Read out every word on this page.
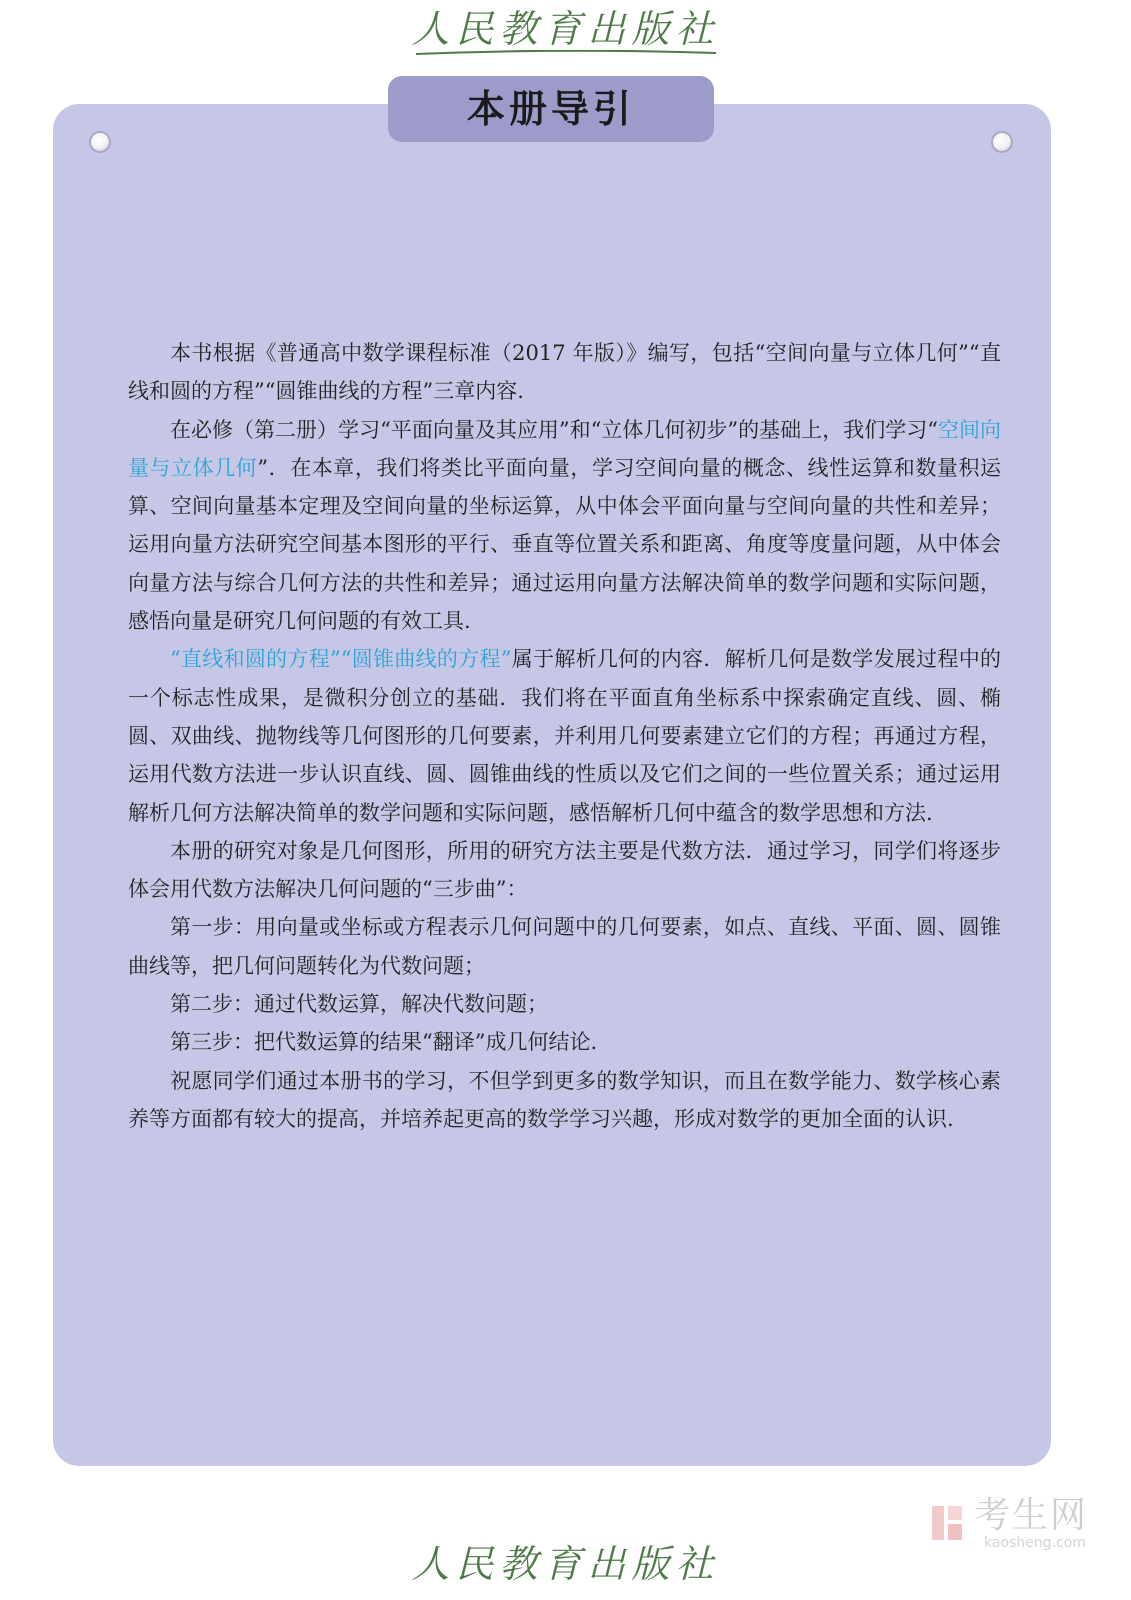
人民教育出版社
本册导引

本书根据《普通高中数学课程标准（2017 年版）》编写，包括“空间向量与立体几何”“直线和圆的方程”“圆锥曲线的方程”三章内容.

在必修（第二册）学习“平面向量及其应用”和“立体几何初步”的基础上，我们学习“空间向量与立体几何”．在本章，我们将类比平面向量，学习空间向量的概念、线性运算和数量积运算、空间向量基本定理及空间向量的坐标运算，从中体会平面向量与空间向量的共性和差异；运用向量方法研究空间基本图形的平行、垂直等位置关系和距离、角度等度量问题，从中体会向量方法与综合几何方法的共性和差异；通过运用向量方法解决简单的数学问题和实际问题，感悟向量是研究几何问题的有效工具.

“直线和圆的方程”“圆锥曲线的方程”属于解析几何的内容．解析几何是数学发展过程中的一个标志性成果，是微积分创立的基础．我们将在平面直角坐标系中探索确定直线、圆、椭圆、双曲线、抛物线等几何图形的几何要素，并利用几何要素建立它们的方程；再通过方程，运用代数方法进一步认识直线、圆、圆锥曲线的性质以及它们之间的一些位置关系；通过运用解析几何方法解决简单的数学问题和实际问题，感悟解析几何中蕴含的数学思想和方法.

本册的研究对象是几何图形，所用的研究方法主要是代数方法．通过学习，同学们将逐步体会用代数方法解决几何问题的“三步曲”：

第一步：用向量或坐标或方程表示几何问题中的几何要素，如点、直线、平面、圆、圆锥曲线等，把几何问题转化为代数问题；

第二步：通过代数运算，解决代数问题；

第三步：把代数运算的结果“翻译”成几何结论.

祝愿同学们通过本册书的学习，不但学到更多的数学知识，而且在数学能力、数学核心素养等方面都有较大的提高，并培养起更高的数学学习兴趣，形成对数学的更加全面的认识.

人民教育出版社
考生网
kaosheng.com
